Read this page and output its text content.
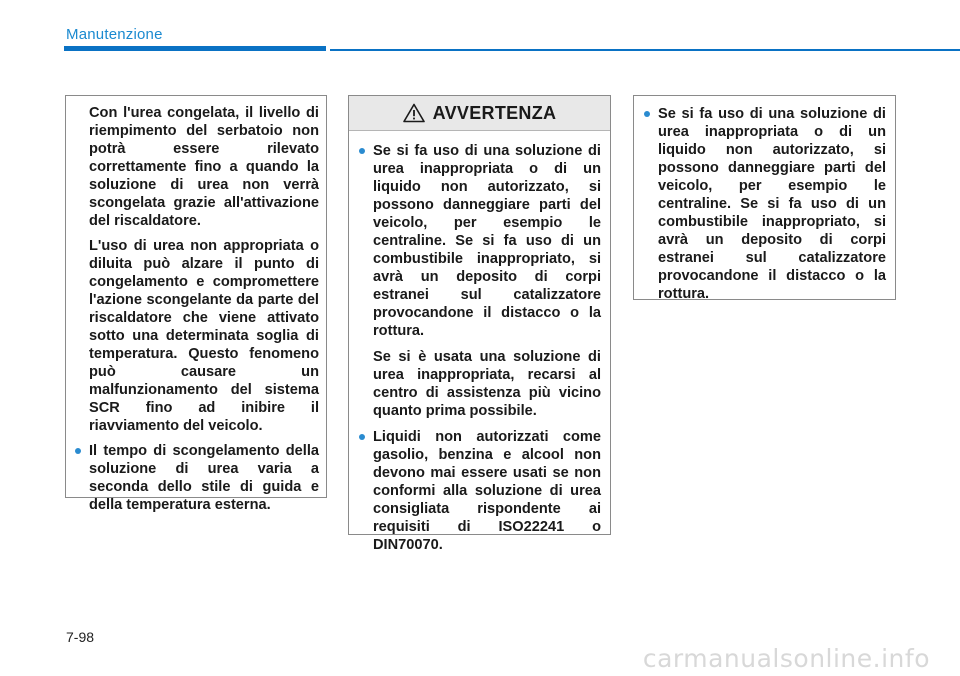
Manutenzione

Con l'urea congelata, il livello di riempimento del serbatoio non potrà essere rilevato correttamente fino a quando la soluzione di urea non verrà scongelata grazie all'attivazione del riscaldatore.

L'uso di urea non appropriata o diluita può alzare il punto di congelamento e compromettere l'azione scongelante da parte del riscaldatore che viene attivato sotto una determinata soglia di temperatura. Questo fenomeno può causare un malfunzionamento del sistema SCR fino ad inibire il riavviamento del veicolo.

Il tempo di scongelamento della soluzione di urea varia a seconda dello stile di guida e della temperatura esterna.

AVVERTENZA

Se si fa uso di una soluzione di urea inappropriata o di un liquido non autorizzato, si possono danneggiare parti del veicolo, per esempio le centraline. Se si fa uso di un combustibile inappropriato, si avrà un deposito di corpi estranei sul catalizzatore provocandone il distacco o la rottura.

Se si è usata una soluzione di urea inappropriata, recarsi al centro di assistenza più vicino quanto prima possibile.

Liquidi non autorizzati come gasolio, benzina e alcool non devono mai essere usati se non conformi alla soluzione di urea consigliata rispondente ai requisiti di ISO22241 o DIN70070.

Se si fa uso di una soluzione di urea inappropriata o di un liquido non autorizzato, si possono danneggiare parti del veicolo, per esempio le centraline. Se si fa uso di un combustibile inappropriato, si avrà un deposito di corpi estranei sul catalizzatore provocandone il distacco o la rottura.

7-98
carmanualsonline.info
